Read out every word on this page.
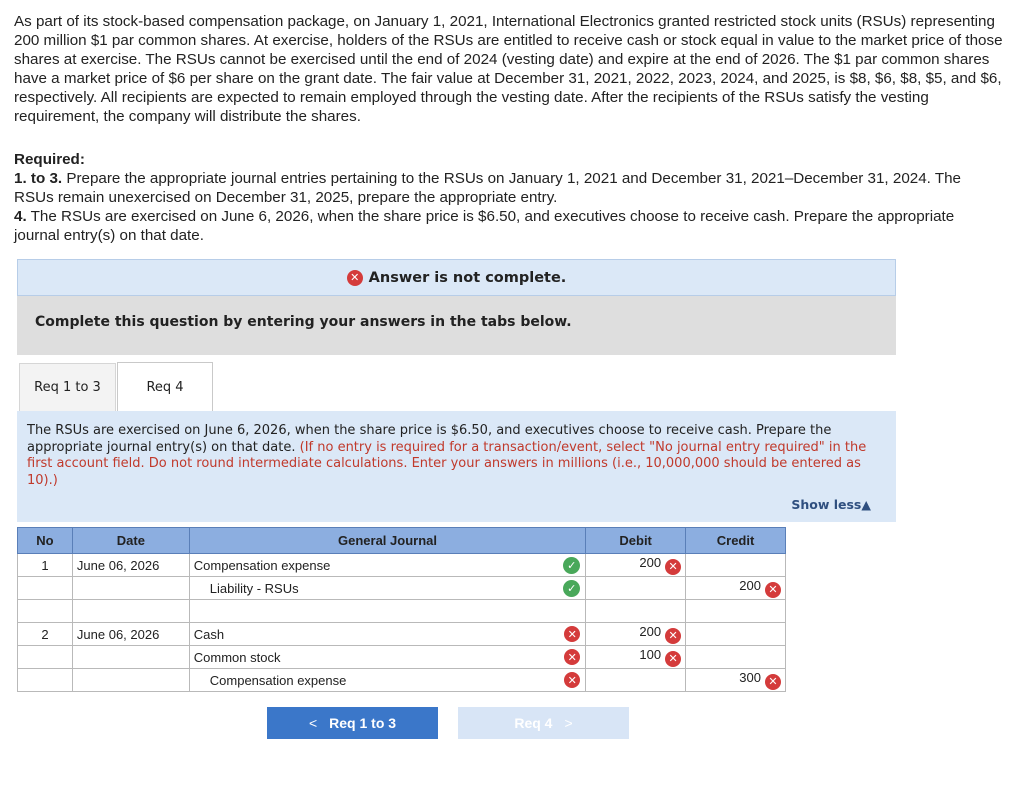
As part of its stock-based compensation package, on January 1, 2021, International Electronics granted restricted stock units (RSUs) representing 200 million $1 par common shares. At exercise, holders of the RSUs are entitled to receive cash or stock equal in value to the market price of those shares at exercise. The RSUs cannot be exercised until the end of 2024 (vesting date) and expire at the end of 2026. The $1 par common shares have a market price of $6 per share on the grant date. The fair value at December 31, 2021, 2022, 2023, 2024, and 2025, is $8, $6, $8, $5, and $6, respectively. All recipients are expected to remain employed through the vesting date. After the recipients of the RSUs satisfy the vesting requirement, the company will distribute the shares.

Required:

1. to 3. Prepare the appropriate journal entries pertaining to the RSUs on January 1, 2021 and December 31, 2021–December 31, 2024. The RSUs remain unexercised on December 31, 2025, prepare the appropriate entry.

4. The RSUs are exercised on June 6, 2026, when the share price is $6.50, and executives choose to receive cash. Prepare the appropriate journal entry(s) on that date.

✕ Answer is not complete.
Complete this question by entering your answers in the tabs below.
Req 1 to 3	Req 4
The RSUs are exercised on June 6, 2026, when the share price is $6.50, and executives choose to receive cash. Prepare the appropriate journal entry(s) on that date. (If no entry is required for a transaction/event, select "No journal entry required" in the first account field. Do not round intermediate calculations. Enter your answers in millions (i.e., 10,000,000 should be entered as 10).)
Show less▲
No	Date	General Journal	Debit	Credit
1	June 06, 2026	Compensation expense ✓	200 ✕	
		Liability - RSUs ✓		200 ✕

2	June 06, 2026	Cash ✕	200 ✕	
		Common stock ✕	100 ✕	
		Compensation expense ✕		300 ✕
< Req 1 to 3	Req 4 >
